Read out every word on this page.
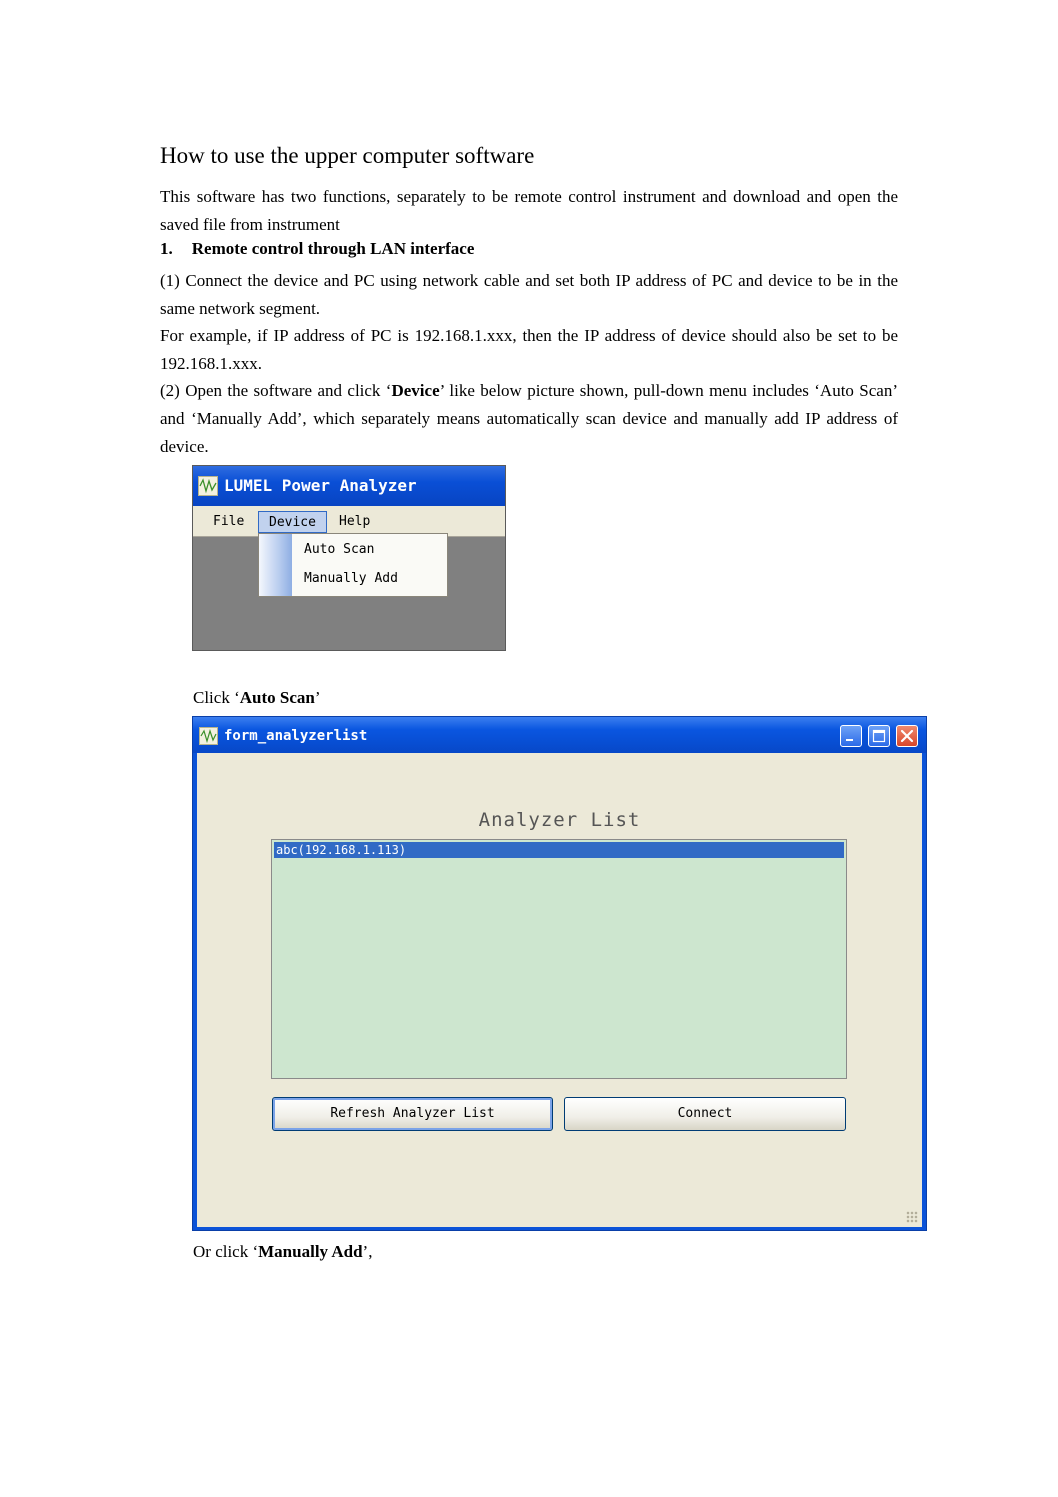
How to use the upper computer software
This software has two functions, separately to be remote control instrument and download and open the saved file from instrument
1. Remote control through LAN interface
(1) Connect the device and PC using network cable and set both IP address of PC and device to be in the same network segment.
For example, if IP address of PC is 192.168.1.xxx, then the IP address of device should also be set to be 192.168.1.xxx.
(2) Open the software and click ‘Device’ like below picture shown, pull-down menu includes ‘Auto Scan’ and ‘Manually Add’, which separately means automatically scan device and manually add IP address of device.
LUMEL Power Analyzer
File	Device	Help
Auto Scan
Manually Add
Click ‘Auto Scan’
form_analyzerlist
Analyzer List
abc(192.168.1.113)
Refresh Analyzer List	Connect
Or click ‘Manually Add’,
